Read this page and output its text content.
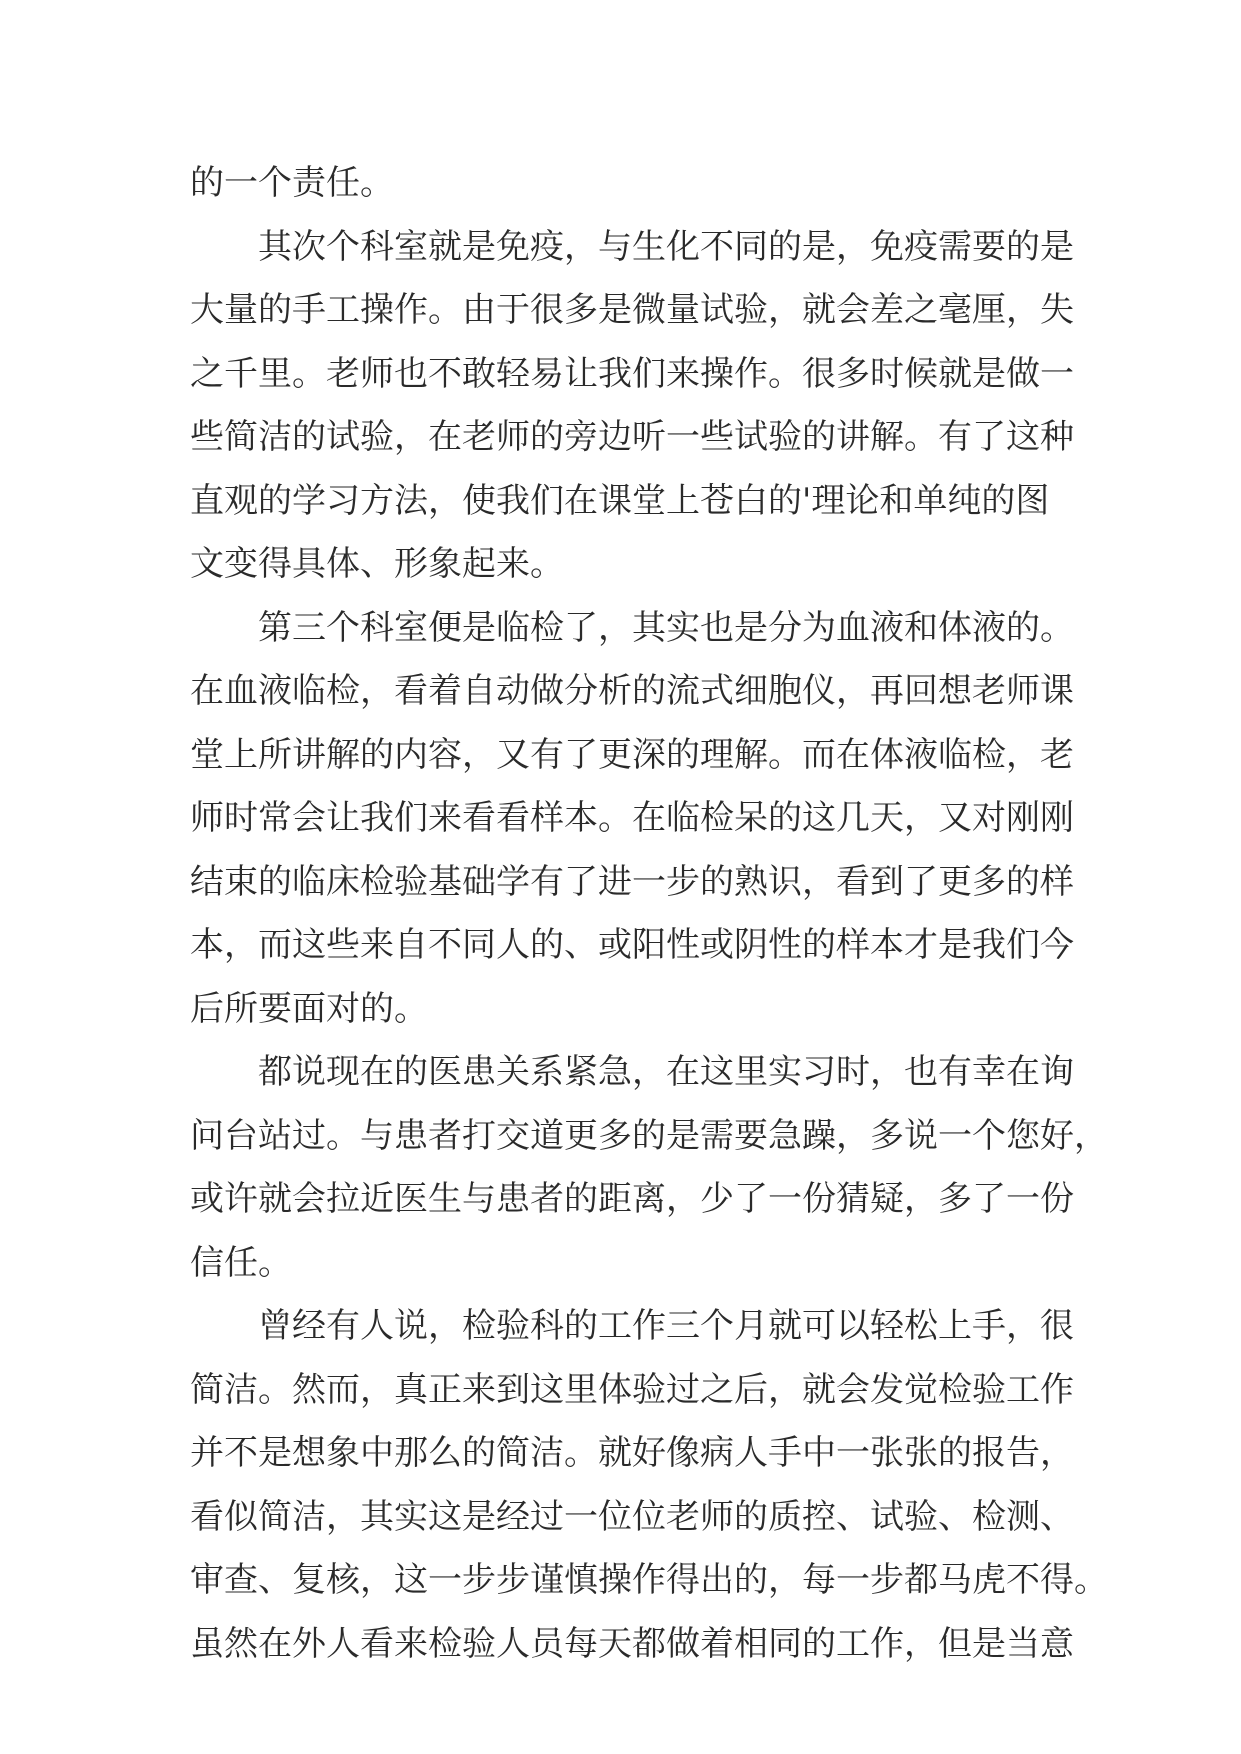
的一个责任。
其次个科室就是免疫，与生化不同的是，免疫需要的是
大量的手工操作。由于很多是微量试验，就会差之毫厘，失
之千里。老师也不敢轻易让我们来操作。很多时候就是做一
些简洁的试验，在老师的旁边听一些试验的讲解。有了这种
直观的学习方法，使我们在课堂上苍白的'理论和单纯的图
文变得具体、形象起来。
第三个科室便是临检了，其实也是分为血液和体液的。
在血液临检，看着自动做分析的流式细胞仪，再回想老师课
堂上所讲解的内容，又有了更深的理解。而在体液临检，老
师时常会让我们来看看样本。在临检呆的这几天，又对刚刚
结束的临床检验基础学有了进一步的熟识，看到了更多的样
本，而这些来自不同人的、或阳性或阴性的样本才是我们今
后所要面对的。
都说现在的医患关系紧急，在这里实习时，也有幸在询
问台站过。与患者打交道更多的是需要急躁，多说一个您好，
或许就会拉近医生与患者的距离，少了一份猜疑，多了一份
信任。
曾经有人说，检验科的工作三个月就可以轻松上手，很
简洁。然而，真正来到这里体验过之后，就会发觉检验工作
并不是想象中那么的简洁。就好像病人手中一张张的报告，
看似简洁，其实这是经过一位位老师的质控、试验、检测、
审查、复核，这一步步谨慎操作得出的，每一步都马虎不得。
虽然在外人看来检验人员每天都做着相同的工作，但是当意
